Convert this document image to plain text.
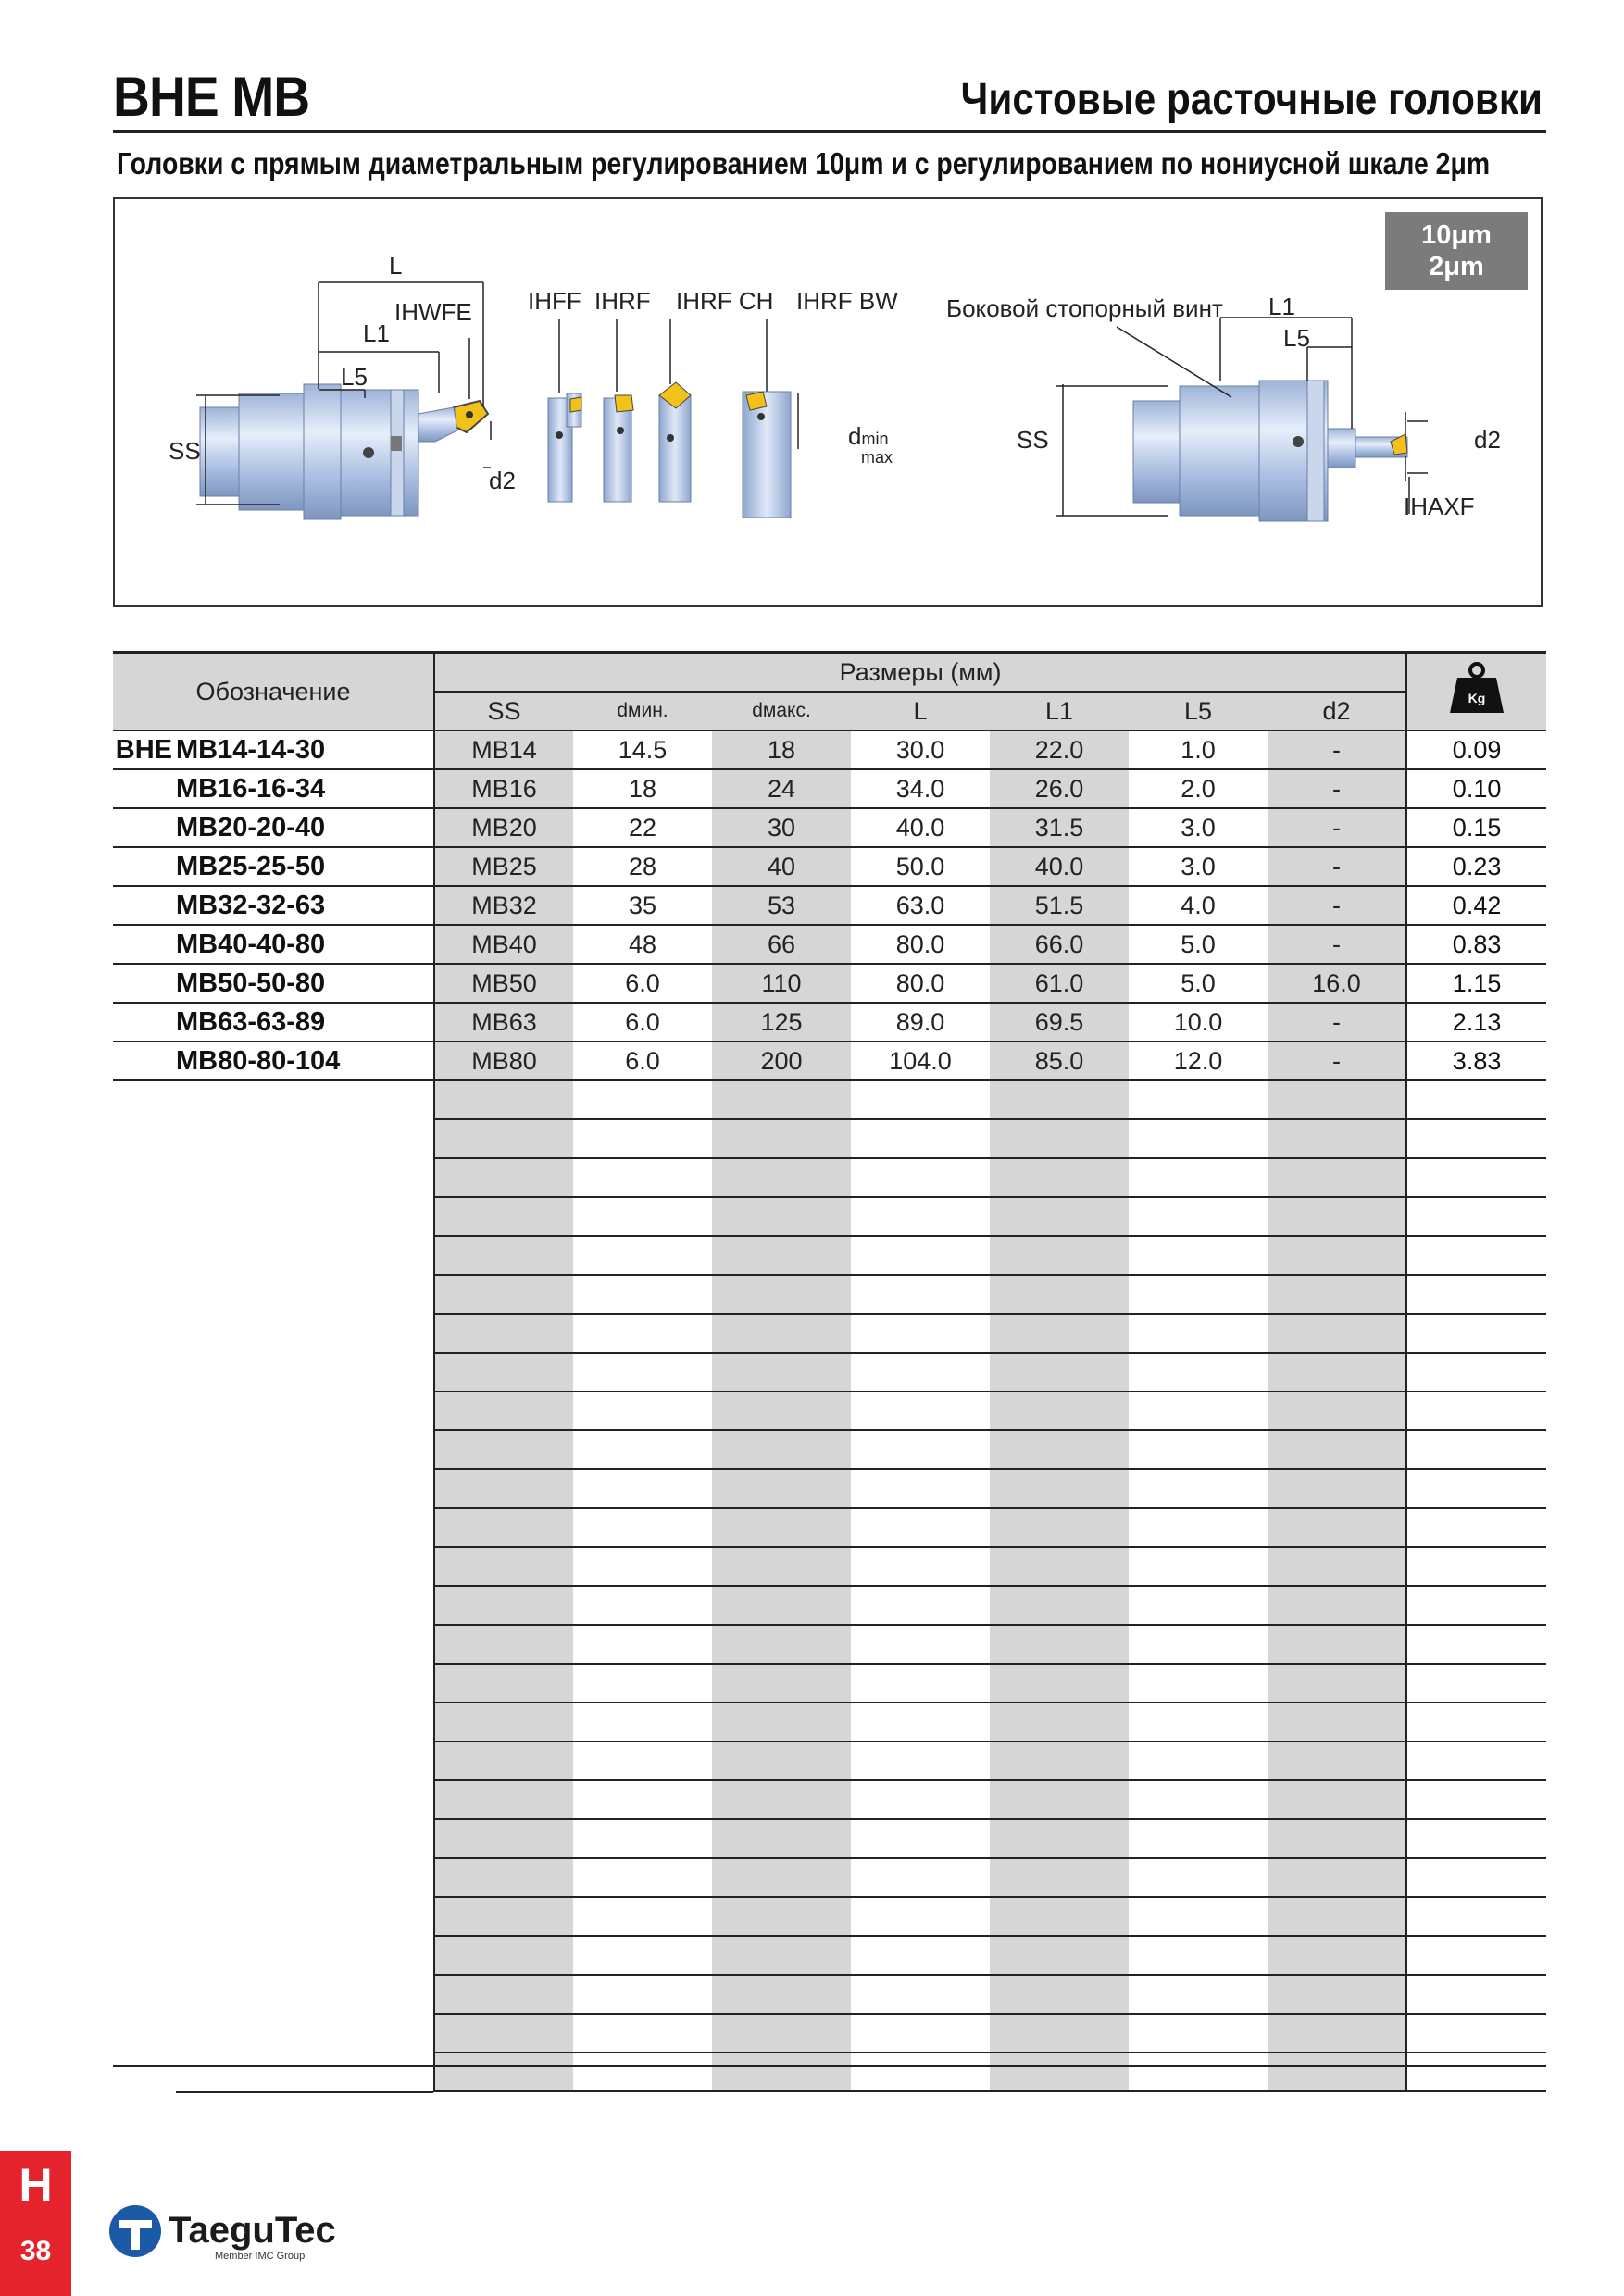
BHE MB	Чистовые расточные головки
Головки с прямым диаметральным регулированием 10μm и с регулированием по нониусной шкале 2μm
10μm
2μm
L
L1
L5
SS
d2
IHWFE IHFF IHRF IHRF CH IHRF BW
dmin
max
Боковой стопорный винт L1
L5
SS	d2
IHAXF
Обозначение	Размеры (мм)							Kg

	SS	dмин.	dмакс.	L	L1	L5	d2	
BHE MB14-14-30	MB14	14.5	18	30.0	22.0	1.0	-	0.09
MB16-16-34	MB16	18	24	34.0	26.0	2.0	-	0.10
MB20-20-40	MB20	22	30	40.0	31.5	3.0	-	0.15
MB25-25-50	MB25	28	40	50.0	40.0	3.0	-	0.23
MB32-32-63	MB32	35	53	63.0	51.5	4.0	-	0.42
MB40-40-80	MB40	48	66	80.0	66.0	5.0	-	0.83
MB50-50-80	MB50	6.0	110	80.0	61.0	5.0	16.0	1.15
MB63-63-89	MB63	6.0	125	89.0	69.5	10.0	-	2.13
MB80-80-104	MB80	6.0	200	104.0	85.0	12.0	-	3.83

H
38
TaeguTec
Member IMC Group
